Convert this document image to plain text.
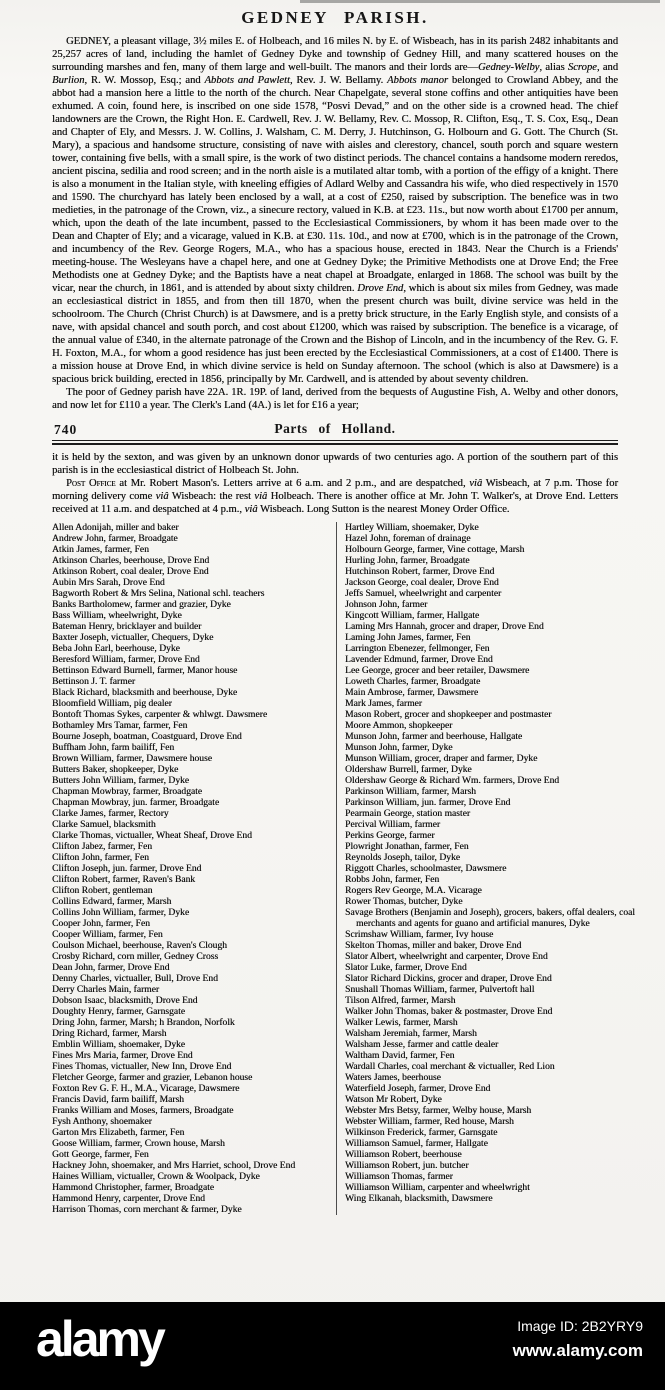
GEDNEY PARISH.

GEDNEY, a pleasant village, 3½ miles E. of Holbeach, and 16 miles N. by E. of Wisbeach, has in its parish 2482 inhabitants and 25,257 acres of land, including the hamlet of Gedney Dyke and township of Gedney Hill, and many scattered houses on the surrounding marshes and fen, many of them large and well-built. The manors and their lords are—Gedney-Welby, alias Scrope, and Burlion, R. W. Mossop, Esq.; and Abbots and Pawlett, Rev. J. W. Bellamy. Abbots manor belonged to Crowland Abbey, and the abbot had a mansion here a little to the north of the church. Near Chapelgate, several stone coffins and other antiquities have been exhumed. A coin, found here, is inscribed on one side 1578, “Posvi Devad,” and on the other side is a crowned head. The chief landowners are the Crown, the Right Hon. E. Cardwell, Rev. J. W. Bellamy, Rev. C. Mossop, R. Clifton, Esq., T. S. Cox, Esq., Dean and Chapter of Ely, and Messrs. J. W. Collins, J. Walsham, C. M. Derry, J. Hutchinson, G. Holbourn and G. Gott. The Church (St. Mary), a spacious and handsome structure, consisting of nave with aisles and clerestory, chancel, south porch and square western tower, containing five bells, with a small spire, is the work of two distinct periods. The chancel contains a handsome modern reredos, ancient piscina, sedilia and rood screen; and in the north aisle is a mutilated altar tomb, with a portion of the effigy of a knight. There is also a monument in the Italian style, with kneeling effigies of Adlard Welby and Cassandra his wife, who died respectively in 1570 and 1590. The churchyard has lately been enclosed by a wall, at a cost of £250, raised by subscription. The benefice was in two medieties, in the patronage of the Crown, viz., a sinecure rectory, valued in K.B. at £23. 11s., but now worth about £1700 per annum, which, upon the death of the late incumbent, passed to the Ecclesiastical Commissioners, by whom it has been made over to the Dean and Chapter of Ely; and a vicarage, valued in K.B. at £30. 11s. 10d., and now at £700, which is in the patronage of the Crown, and incumbency of the Rev. George Rogers, M.A., who has a spacious house, erected in 1843. Near the Church is a Friends' meeting-house. The Wesleyans have a chapel here, and one at Gedney Dyke; the Primitive Methodists one at Drove End; the Free Methodists one at Gedney Dyke; and the Baptists have a neat chapel at Broadgate, enlarged in 1868. The school was built by the vicar, near the church, in 1861, and is attended by about sixty children. Drove End, which is about six miles from Gedney, was made an ecclesiastical district in 1855, and from then till 1870, when the present church was built, divine service was held in the schoolroom. The Church (Christ Church) is at Dawsmere, and is a pretty brick structure, in the Early English style, and consists of a nave, with apsidal chancel and south porch, and cost about £1200, which was raised by subscription. The benefice is a vicarage, of the annual value of £340, in the alternate patronage of the Crown and the Bishop of Lincoln, and in the incumbency of the Rev. G. F. H. Foxton, M.A., for whom a good residence has just been erected by the Ecclesiastical Commissioners, at a cost of £1400. There is a mission house at Drove End, in which divine service is held on Sunday afternoon. The school (which is also at Dawsmere) is a spacious brick building, erected in 1856, principally by Mr. Cardwell, and is attended by about seventy children.

The poor of Gedney parish have 22A. 1R. 19P. of land, derived from the bequests of Augustine Fish, A. Welby and other donors, and now let for £110 a year. The Clerk's Land (4A.) is let for £16 a year;

740	Parts of Holland.

it is held by the sexton, and was given by an unknown donor upwards of two centuries ago. A portion of the southern part of this parish is in the ecclesiastical district of Holbeach St. John.

Post Office at Mr. Robert Mason's. Letters arrive at 6 a.m. and 2 p.m., and are despatched, viâ Wisbeach, at 7 p.m. Those for morning delivery come viâ Wisbeach: the rest viâ Holbeach. There is another office at Mr. John T. Walker's, at Drove End. Letters received at 11 a.m. and despatched at 4 p.m., viâ Wisbeach. Long Sutton is the nearest Money Order Office.

Allen Adonijah, miller and baker
Andrew John, farmer, Broadgate
Atkin James, farmer, Fen
Atkinson Charles, beerhouse, Drove End
Atkinson Robert, coal dealer, Drove End
Aubin Mrs Sarah, Drove End
Bagworth Robert & Mrs Selina, National schl. teachers
Banks Bartholomew, farmer and grazier, Dyke
Bass William, wheelwright, Dyke
Bateman Henry, bricklayer and builder
Baxter Joseph, victualler, Chequers, Dyke
Beba John Earl, beerhouse, Dyke
Beresford William, farmer, Drove End
Bettinson Edward Burnell, farmer, Manor house
Bettinson J. T. farmer
Black Richard, blacksmith and beerhouse, Dyke
Bloomfield William, pig dealer
Bontoft Thomas Sykes, carpenter & whlwgt. Dawsmere
Bothamley Mrs Tamar, farmer, Fen
Bourne Joseph, boatman, Coastguard, Drove End
Buffham John, farm bailiff, Fen
Brown William, farmer, Dawsmere house
Butters Baker, shopkeeper, Dyke
Butters John William, farmer, Dyke
Chapman Mowbray, farmer, Broadgate
Chapman Mowbray, jun. farmer, Broadgate
Clarke James, farmer, Rectory
Clarke Samuel, blacksmith
Clarke Thomas, victualler, Wheat Sheaf, Drove End
Clifton Jabez, farmer, Fen
Clifton John, farmer, Fen
Clifton Joseph, jun. farmer, Drove End
Clifton Robert, farmer, Raven's Bank
Clifton Robert, gentleman
Collins Edward, farmer, Marsh
Collins John William, farmer, Dyke
Cooper John, farmer, Fen
Cooper William, farmer, Fen
Coulson Michael, beerhouse, Raven's Clough
Crosby Richard, corn miller, Gedney Cross
Dean John, farmer, Drove End
Denny Charles, victualler, Bull, Drove End
Derry Charles Main, farmer
Dobson Isaac, blacksmith, Drove End
Doughty Henry, farmer, Garnsgate
Dring John, farmer, Marsh; h Brandon, Norfolk
Dring Richard, farmer, Marsh
Emblin William, shoemaker, Dyke
Fines Mrs Maria, farmer, Drove End
Fines Thomas, victualler, New Inn, Drove End
Fletcher George, farmer and grazier, Lebanon house
Foxton Rev G. F. H., M.A., Vicarage, Dawsmere
Francis David, farm bailiff, Marsh
Franks William and Moses, farmers, Broadgate
Fysh Anthony, shoemaker
Garton Mrs Elizabeth, farmer, Fen
Goose William, farmer, Crown house, Marsh
Gott George, farmer, Fen
Hackney John, shoemaker, and Mrs Harriet, school, Drove End
Haines William, victualler, Crown & Woolpack, Dyke
Hammond Christopher, farmer, Broadgate
Hammond Henry, carpenter, Drove End
Harrison Thomas, corn merchant & farmer, Dyke
Hartley William, shoemaker, Dyke
Hazel John, foreman of drainage
Holbourn George, farmer, Vine cottage, Marsh
Hurling John, farmer, Broadgate
Hutchinson Robert, farmer, Drove End
Jackson George, coal dealer, Drove End
Jeffs Samuel, wheelwright and carpenter
Johnson John, farmer
Kingcott William, farmer, Hallgate
Laming Mrs Hannah, grocer and draper, Drove End
Laming John James, farmer, Fen
Larrington Ebenezer, fellmonger, Fen
Lavender Edmund, farmer, Drove End
Lee George, grocer and beer retailer, Dawsmere
Loweth Charles, farmer, Broadgate
Main Ambrose, farmer, Dawsmere
Mark James, farmer
Mason Robert, grocer and shopkeeper and postmaster
Moore Ammon, shopkeeper
Munson John, farmer and beerhouse, Hallgate
Munson John, farmer, Dyke
Munson William, grocer, draper and farmer, Dyke
Oldershaw Burrell, farmer, Dyke
Oldershaw George & Richard Wm. farmers, Drove End
Parkinson William, farmer, Marsh
Parkinson William, jun. farmer, Drove End
Pearmain George, station master
Percival William, farmer
Perkins George, farmer
Plowright Jonathan, farmer, Fen
Reynolds Joseph, tailor, Dyke
Riggott Charles, schoolmaster, Dawsmere
Robbs John, farmer, Fen
Rogers Rev George, M.A. Vicarage
Rower Thomas, butcher, Dyke
Savage Brothers (Benjamin and Joseph), grocers, bakers, offal dealers, coal merchants and agents for guano and artificial manures, Dyke
Scrimshaw William, farmer, Ivy house
Skelton Thomas, miller and baker, Drove End
Slator Albert, wheelwright and carpenter, Drove End
Slator Luke, farmer, Drove End
Slator Richard Dickins, grocer and draper, Drove End
Snushall Thomas William, farmer, Pulvertoft hall
Tilson Alfred, farmer, Marsh
Walker John Thomas, baker & postmaster, Drove End
Walker Lewis, farmer, Marsh
Walsham Jeremiah, farmer, Marsh
Walsham Jesse, farmer and cattle dealer
Waltham David, farmer, Fen
Wardall Charles, coal merchant & victualler, Red Lion
Waters James, beerhouse
Waterfield Joseph, farmer, Drove End
Watson Mr Robert, Dyke
Webster Mrs Betsy, farmer, Welby house, Marsh
Webster William, farmer, Red house, Marsh
Wilkinson Frederick, farmer, Garnsgate
Williamson Samuel, farmer, Hallgate
Williamson Robert, beerhouse
Williamson Robert, jun. butcher
Williamson Thomas, farmer
Williamson William, carpenter and wheelwright
Wing Elkanah, blacksmith, Dawsmere
alamy	Image ID: 2B2YRY9
www.alamy.com
